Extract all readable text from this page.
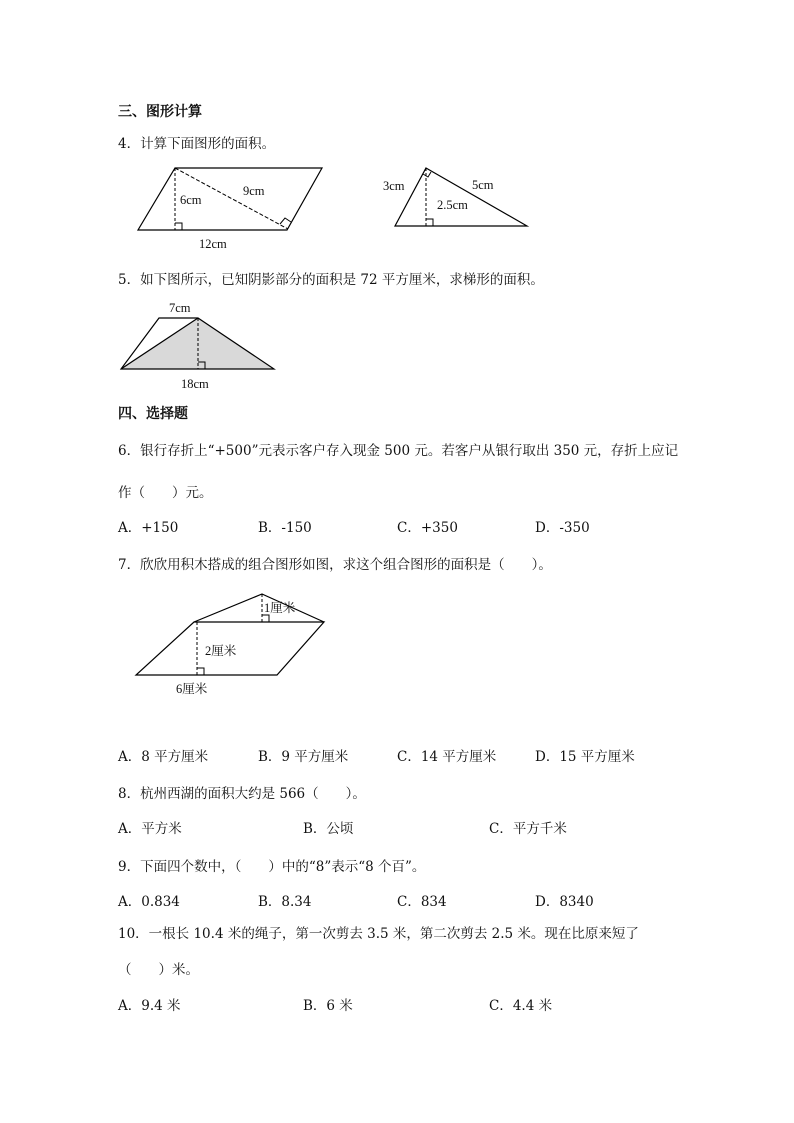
三、图形计算
4．计算下面图形的面积。
6cm
9cm
12cm
3cm	5cm
2.5cm
5．如下图所示，已知阴影部分的面积是 72 平方厘米，求梯形的面积。
7cm
18cm
四、选择题
6．银行存折上“+500”元表示客户存入现金 500 元。若客户从银行取出 350 元，存折上应记
作（　　）元。
A．+150	B．-150	C．+350	D．-350
7．欣欣用积木搭成的组合图形如图，求这个组合图形的面积是（　　）。
1厘米
2厘米
6厘米
A．8 平方厘米	B．9 平方厘米	C．14 平方厘米	D．15 平方厘米
8．杭州西湖的面积大约是 566（　　）。
A．平方米	B．公顷	C．平方千米
9．下面四个数中，（　　）中的“8”表示“8 个百”。
A．0.834	B．8.34	C．834	D．8340
10．一根长 10.4 米的绳子，第一次剪去 3.5 米，第二次剪去 2.5 米。现在比原来短了
（　　）米。
A．9.4 米	B．6 米	C．4.4 米
